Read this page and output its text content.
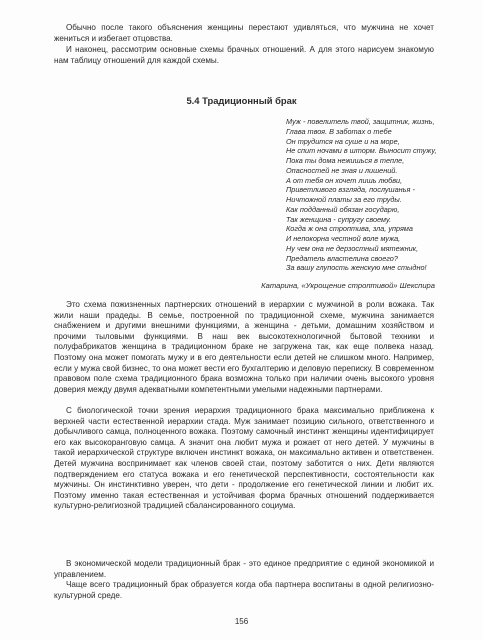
Обычно после такого объяснения женщины перестают удивляться, что мужчина не хочет жениться и избегает отцовства.

И наконец, рассмотрим основные схемы брачных отношений. А для этого нарисуем знакомую нам таблицу отношений для каждой схемы.

5.4 Традиционный брак
Муж - повелитель твой, защитник, жизнь,
Глава твоя. В заботах о тебе
Он трудится на суше и на море,
Не спит ночами в шторм. Выносит стужу,
Пока ты дома нежишься в тепле,
Опасностей не зная и лишений.
А от тебя он хочет лишь любви,
Приветливого взгляда, послушанья -
Ничтожной платы за его труды.
Как подданный обязан государю,
Так женщина - супругу своему.
Когда ж она строптива, зла, упряма
И непокорна честной воле мужа,
Ну чем она не дерзостный мятежник,
Предатель властелина своего?
За вашу глупость женскую мне стыдно!

Катарина, «Укрощение строптивой» Шекспира

Это схема пожизненных партнерских отношений в иерархии с мужчиной в роли вожака. Так жили наши прадеды. В семье, построенной по традиционной схеме, мужчина занимается снабжением и другими внешними функциями, а женщина - детьми, домашним хозяйством и прочими тыловыми функциями. В наш век высокотехнологичной бытовой техники и полуфабрикатов женщина в традиционном браке не загружена так, как еще полвека назад. Поэтому она может помогать мужу и в его деятельности если детей не слишком много. Например, если у мужа свой бизнес, то она может вести его бухгалтерию и деловую переписку. В современном правовом поле схема традиционного брака возможна только при наличии очень высокого уровня доверия между двумя адекватными компетентными умелыми надежными партнерами.

С биологической точки зрения иерархия традиционного брака максимально приближена к верхней части естественной иерархии стада. Муж занимает позицию сильного, ответственного и добычливого самца, полноценного вожака. Поэтому самочный инстинкт женщины идентифицирует его как высокоранговую самца. А значит она любит мужа и рожает от него детей. У мужчины в такой иерархической структуре включен инстинкт вожака, он максимально активен и ответственен. Детей мужчина воспринимает как членов своей стаи, поэтому заботится о них. Дети являются подтверждением его статуса вожака и его генетической перспективности, состоятельности как мужчины. Он инстинктивно уверен, что дети - продолжение его генетической линии и любит их. Поэтому именно такая естественная и устойчивая форма брачных отношений поддерживается культурно-религиозной традицией сбалансированного социума.

В экономической модели традиционный брак - это единое предприятие с единой экономикой и управлением.

Чаще всего традиционный брак образуется когда оба партнера воспитаны в одной религиозно-культурной среде.

156
